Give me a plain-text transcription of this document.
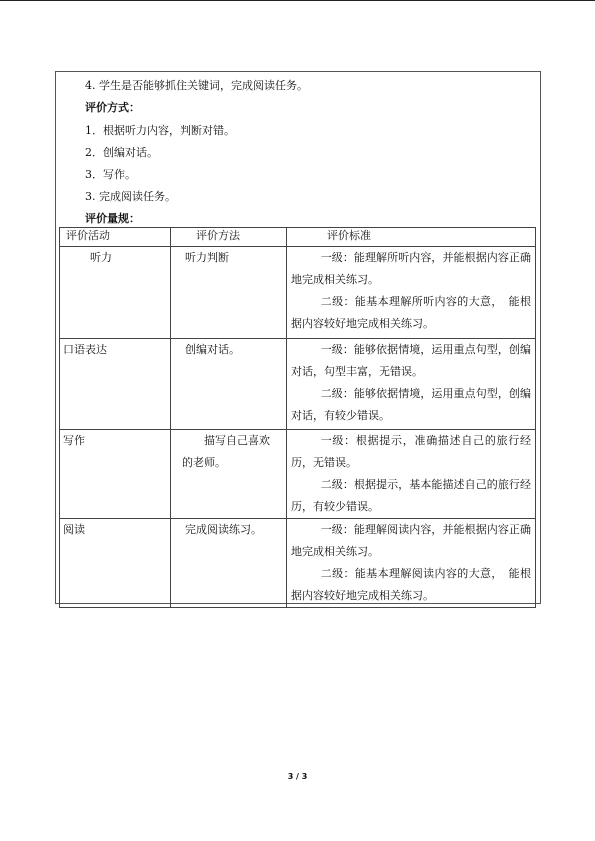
4. 学生是否能够抓住关键词，完成阅读任务。
评价方式：
1．根据听力内容，判断对错。
2．创编对话。
3．写作。
3. 完成阅读任务。
评价量规：
评价活动	评价方法	评价标准
听力	听力判断	一级：能理解所听内容，并能根据内容正确地完成相关练习。

二级：能基本理解所听内容的大意，　能根据内容较好地完成相关练习。

口语表达	创编对话。	一级：能够依据情境，运用重点句型，创编对话，句型丰富，无错误。

二级：能够依据情境，运用重点句型，创编对话，有较少错误。

写作	描写自己喜欢的老师。	一级：根据提示，准确描述自己的旅行经历，无错误。

二级：根据提示，基本能描述自己的旅行经历，有较少错误。

阅读	完成阅读练习。	一级：能理解阅读内容，并能根据内容正确地完成相关练习。

二级：能基本理解阅读内容的大意，　能根据内容较好地完成相关练习。

3 / 3
